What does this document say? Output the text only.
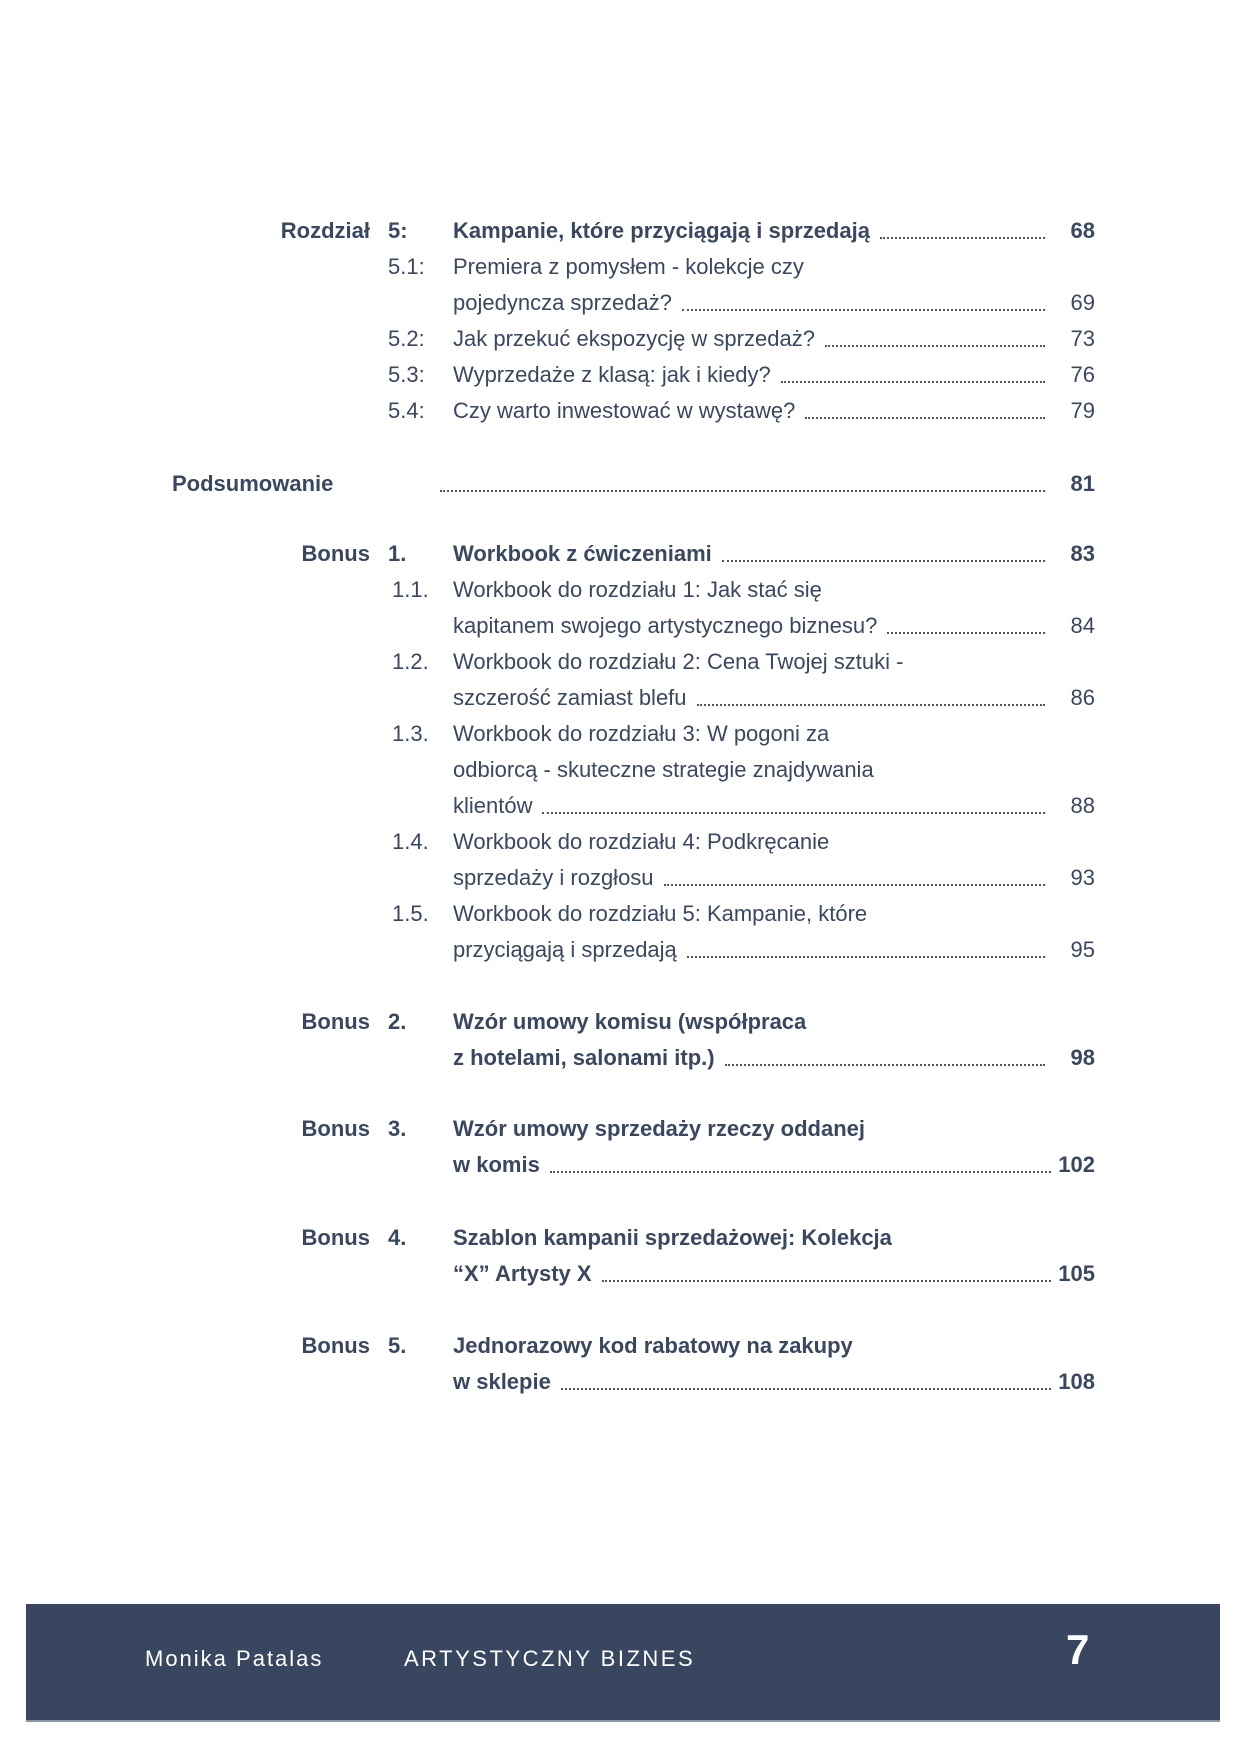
Rozdział 5: Kampanie, które przyciągają i sprzedają	68
5.1: Premiera z pomysłem - kolekcje czy
pojedyncza sprzedaż?	69
5.2: Jak przekuć ekspozycję w sprzedaż?	73
5.3: Wyprzedaże z klasą: jak i kiedy?	76
5.4: Czy warto inwestować w wystawę?	79
Podsumowanie	81
Bonus 1. Workbook z ćwiczeniami	83
1.1. Workbook do rozdziału 1: Jak stać się
kapitanem swojego artystycznego biznesu?	84
1.2. Workbook do rozdziału 2: Cena Twojej sztuki -
szczerość zamiast blefu	86
1.3. Workbook do rozdziału 3: W pogoni za
odbiorcą - skuteczne strategie znajdywania
klientów	88
1.4. Workbook do rozdziału 4: Podkręcanie
sprzedaży i rozgłosu	93
1.5. Workbook do rozdziału 5: Kampanie, które
przyciągają i sprzedają	95
Bonus 2. Wzór umowy komisu (współpraca
z hotelami, salonami itp.)	98
Bonus 3. Wzór umowy sprzedaży rzeczy oddanej
w komis	102
Bonus 4. Szablon kampanii sprzedażowej: Kolekcja
“X” Artysty X	105
Bonus 5. Jednorazowy kod rabatowy na zakupy
w sklepie	108
Monika Patalas	ARTYSTYCZNY BIZNES	7
